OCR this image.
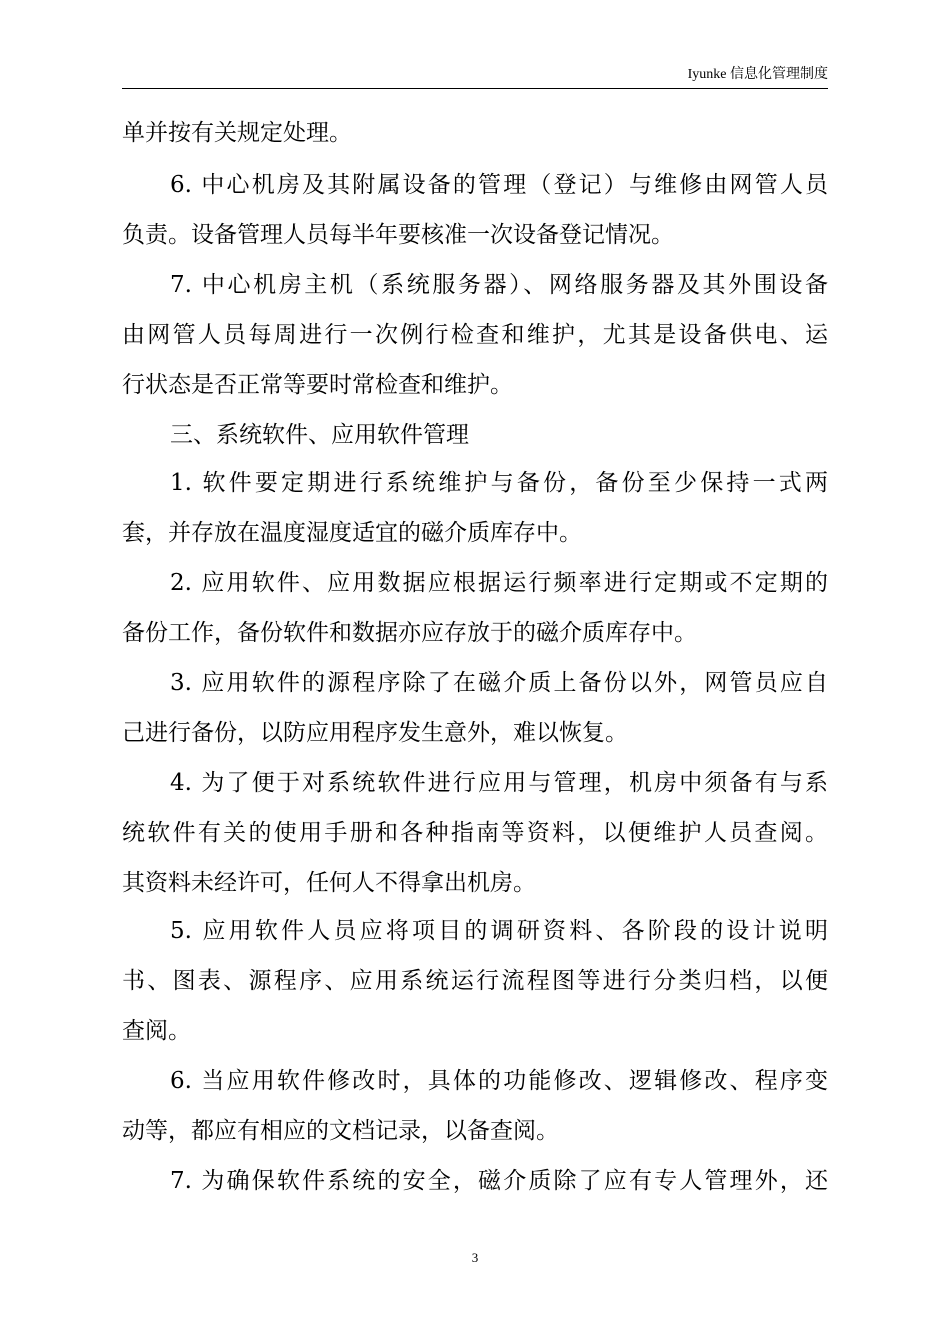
Iyunke 信息化管理制度
单并按有关规定处理。
6. 中心机房及其附属设备的管理（登记）与维修由网管人员
负责。设备管理人员每半年要核准一次设备登记情况。
7. 中心机房主机（系统服务器）、网络服务器及其外围设备
由网管人员每周进行一次例行检查和维护，尤其是设备供电、运
行状态是否正常等要时常检查和维护。
三、系统软件、应用软件管理
1. 软件要定期进行系统维护与备份，备份至少保持一式两
套，并存放在温度湿度适宜的磁介质库存中。
2. 应用软件、应用数据应根据运行频率进行定期或不定期的
备份工作，备份软件和数据亦应存放于的磁介质库存中。
3. 应用软件的源程序除了在磁介质上备份以外，网管员应自
己进行备份，以防应用程序发生意外，难以恢复。
4. 为了便于对系统软件进行应用与管理，机房中须备有与系
统软件有关的使用手册和各种指南等资料，以便维护人员查阅。
其资料未经许可，任何人不得拿出机房。
5. 应用软件人员应将项目的调研资料、各阶段的设计说明
书、图表、源程序、应用系统运行流程图等进行分类归档，以便
查阅。
6. 当应用软件修改时，具体的功能修改、逻辑修改、程序变
动等，都应有相应的文档记录，以备查阅。
7. 为确保软件系统的安全，磁介质除了应有专人管理外，还
3
